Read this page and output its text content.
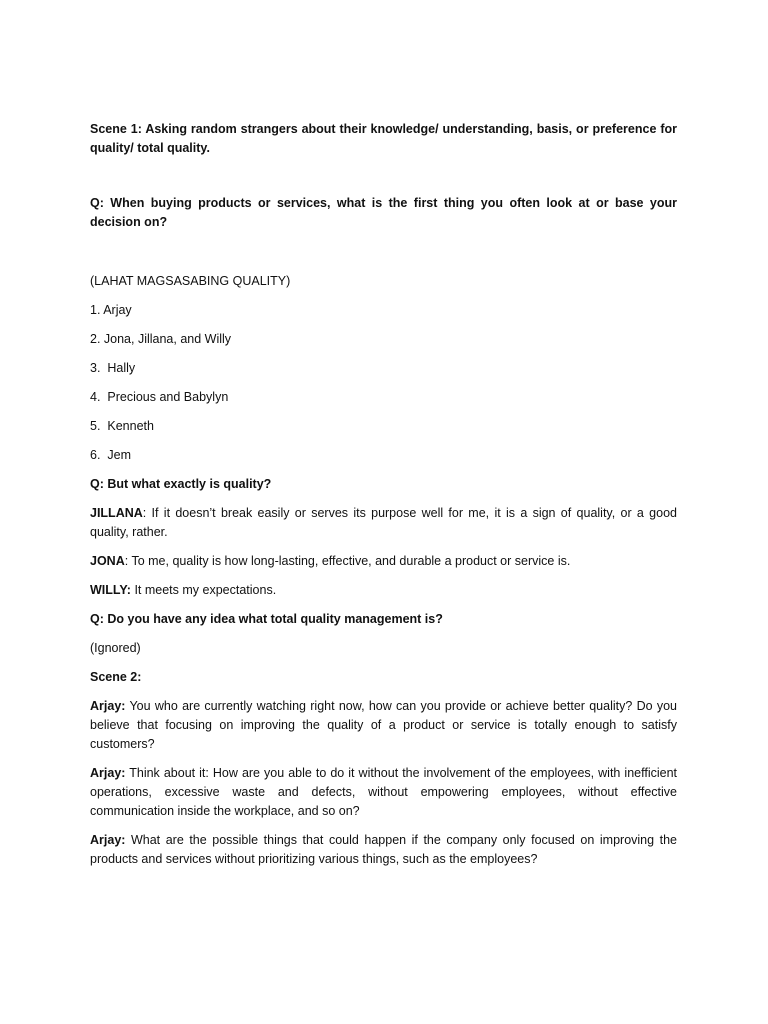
Scene 1: Asking random strangers about their knowledge/ understanding, basis, or preference for quality/ total quality.

Q: When buying products or services, what is the first thing you often look at or base your decision on?

(LAHAT MAGSASABING QUALITY)

1. Arjay

2. Jona, Jillana, and Willy

3.  Hally

4.  Precious and Babylyn

5.  Kenneth

6.  Jem

Q: But what exactly is quality?

JILLANA: If it doesn’t break easily or serves its purpose well for me, it is a sign of quality, or a good quality, rather.

JONA: To me, quality is how long-lasting, effective, and durable a product or service is.

WILLY: It meets my expectations.

Q: Do you have any idea what total quality management is?

(Ignored)

Scene 2:

Arjay: You who are currently watching right now, how can you provide or achieve better quality? Do you believe that focusing on improving the quality of a product or service is totally enough to satisfy customers?

Arjay: Think about it: How are you able to do it without the involvement of the employees, with inefficient operations, excessive waste and defects, without empowering employees, without effective communication inside the workplace, and so on?

Arjay: What are the possible things that could happen if the company only focused on improving the products and services without prioritizing various things, such as the employees?
